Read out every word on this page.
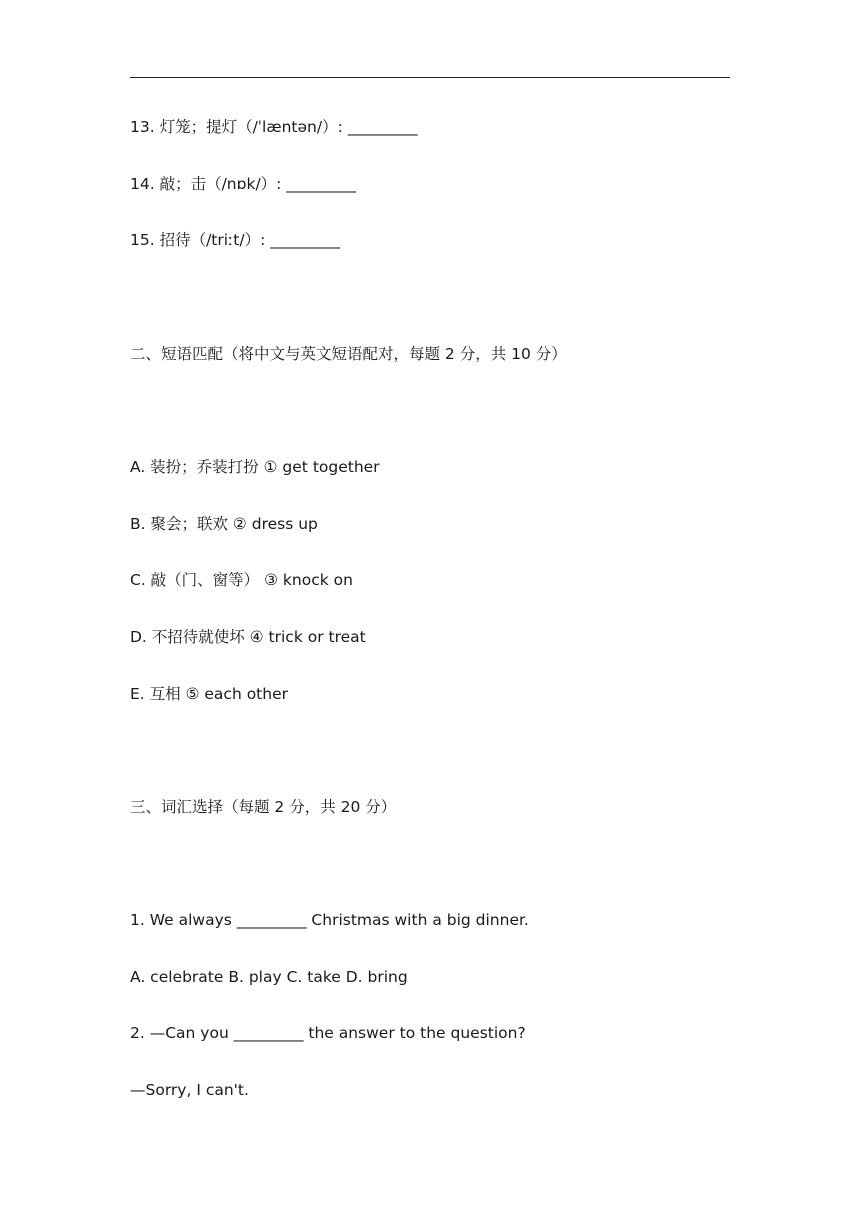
13. 灯笼；提灯（/ˈlæntən/）: _________
14. 敲；击（/nɒk/）: _________
15. 招待（/triːt/）: _________
二、短语匹配（将中文与英文短语配对，每题 2 分，共 10 分）
A. 装扮；乔装打扮 ① get together
B. 聚会；联欢 ② dress up
C. 敲（门、窗等） ③ knock on
D. 不招待就使坏 ④ trick or treat
E. 互相 ⑤ each other
三、词汇选择（每题 2 分，共 20 分）
1. We always _________ Christmas with a big dinner.
A. celebrate B. play C. take D. bring
2. —Can you _________ the answer to the question?
—Sorry, I can't.
